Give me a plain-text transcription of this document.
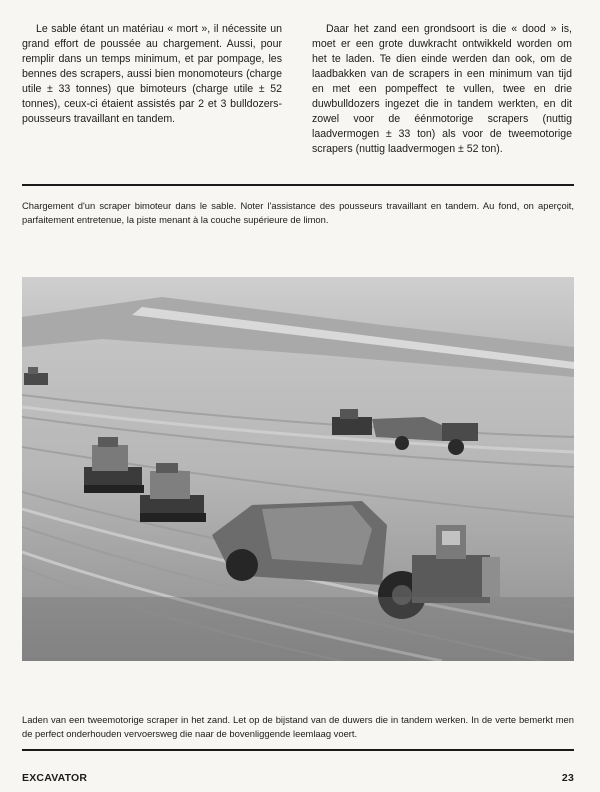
Le sable étant un matériau « mort », il nécessite un grand effort de poussée au chargement. Aussi, pour remplir dans un temps minimum, et par pompage, les bennes des scrapers, aussi bien monomoteurs (charge utile ± 33 tonnes) que bimoteurs (charge utile ± 52 tonnes), ceux-ci étaient assistés par 2 et 3 bulldozers-pousseurs travaillant en tandem.

Daar het zand een grondsoort is die « dood » is, moet er een grote duwkracht ontwikkeld worden om het te laden. Te dien einde werden dan ook, om de laadbakken van de scrapers in een minimum van tijd en met een pompeffect te vullen, twee en drie duwbulldozers ingezet die in tandem werkten, en dit zowel voor de éénmotorige scrapers (nuttig laadvermogen ± 33 ton) als voor de tweemotorige scrapers (nuttig laadvermogen ± 52 ton).

Chargement d'un scraper bimoteur dans le sable. Noter l'assistance des pousseurs travaillant en tandem. Au fond, on aperçoit, parfaitement entretenue, la piste menant à la couche supérieure de limon.
Laden van een tweemotorige scraper in het zand. Let op de bijstand van de duwers die in tandem werken. In de verte bemerkt men de perfect onderhouden vervoersweg die naar de bovenliggende leemlaag voert.
EXCAVATOR	23
